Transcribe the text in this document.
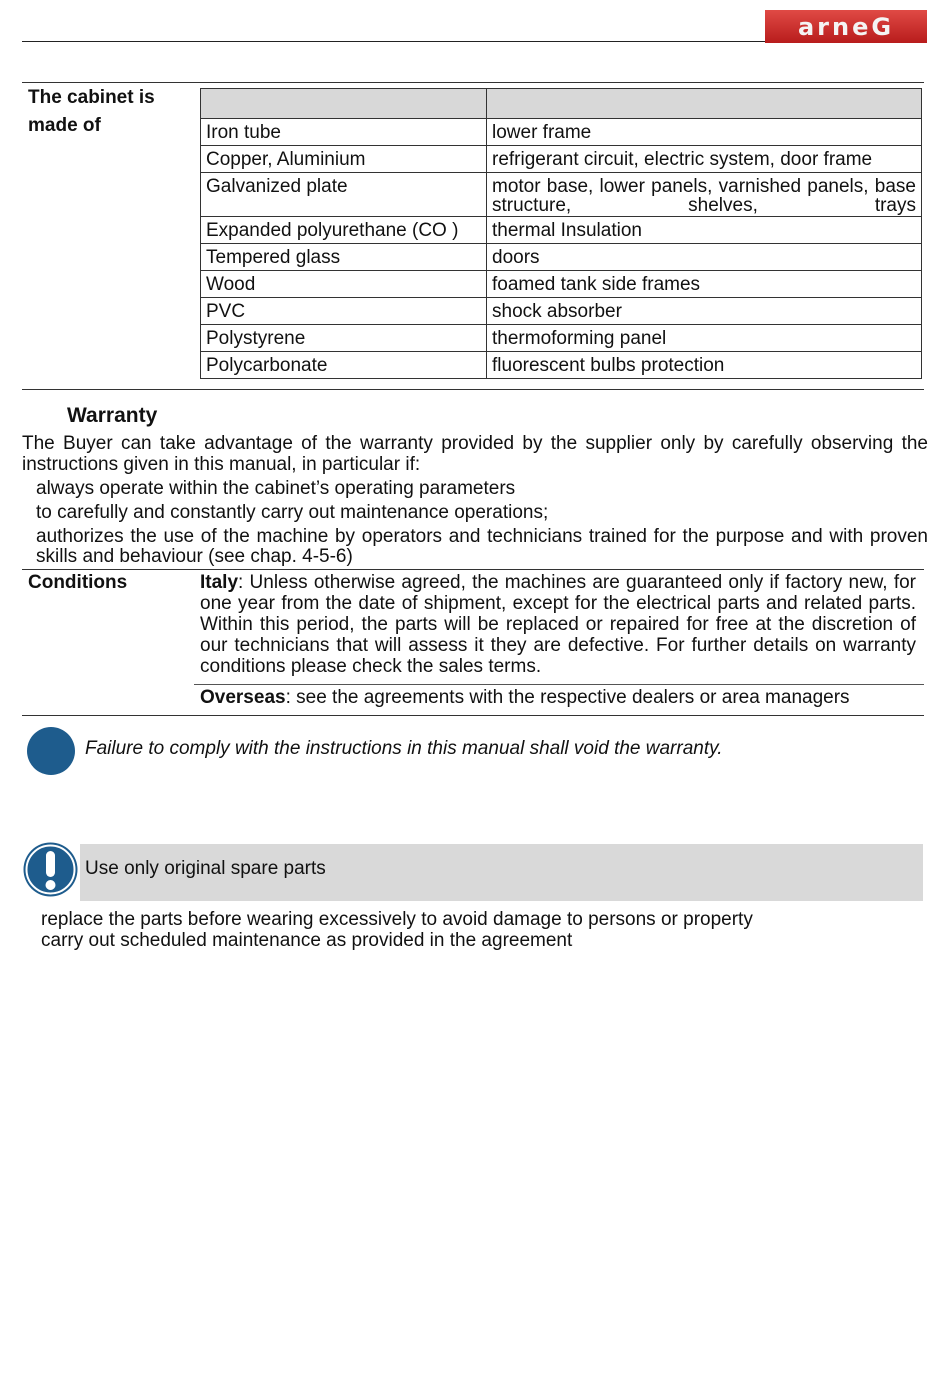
arneG
The cabinet is made of
		Iron tube	lower frame
Copper, Aluminium	refrigerant circuit, electric system, door frame
Galvanized plate	motor base, lower panels, varnished panels, base structure, shelves, trays
Expanded polyurethane (CO )	thermal Insulation
Tempered glass	doors
Wood	foamed tank side frames
PVC	shock absorber
Polystyrene	thermoforming panel
Polycarbonate	fluorescent bulbs protection
Warranty
The Buyer can take advantage of the warranty provided by the supplier only by carefully observing the instructions given in this manual, in particular if:
always operate within the cabinet’s operating parameters
to carefully and constantly carry out maintenance operations;
authorizes the use of the machine by operators and technicians trained for the purpose and with proven skills and behaviour (see chap. 4-5-6)
Conditions	Italy: Unless otherwise agreed, the machines are guaranteed only if factory new, for one year from the date of shipment, except for the electrical parts and related parts. Within this period, the parts will be replaced or repaired for free at the discretion of our technicians that will assess it they are defective. For further details on warranty conditions please check the sales terms.
Overseas: see the agreements with the respective dealers or area managers
Failure to comply with the instructions in this manual shall void the warranty.
Use only original spare parts
replace the parts before wearing excessively to avoid damage to persons or property
carry out scheduled maintenance as provided in the agreement
